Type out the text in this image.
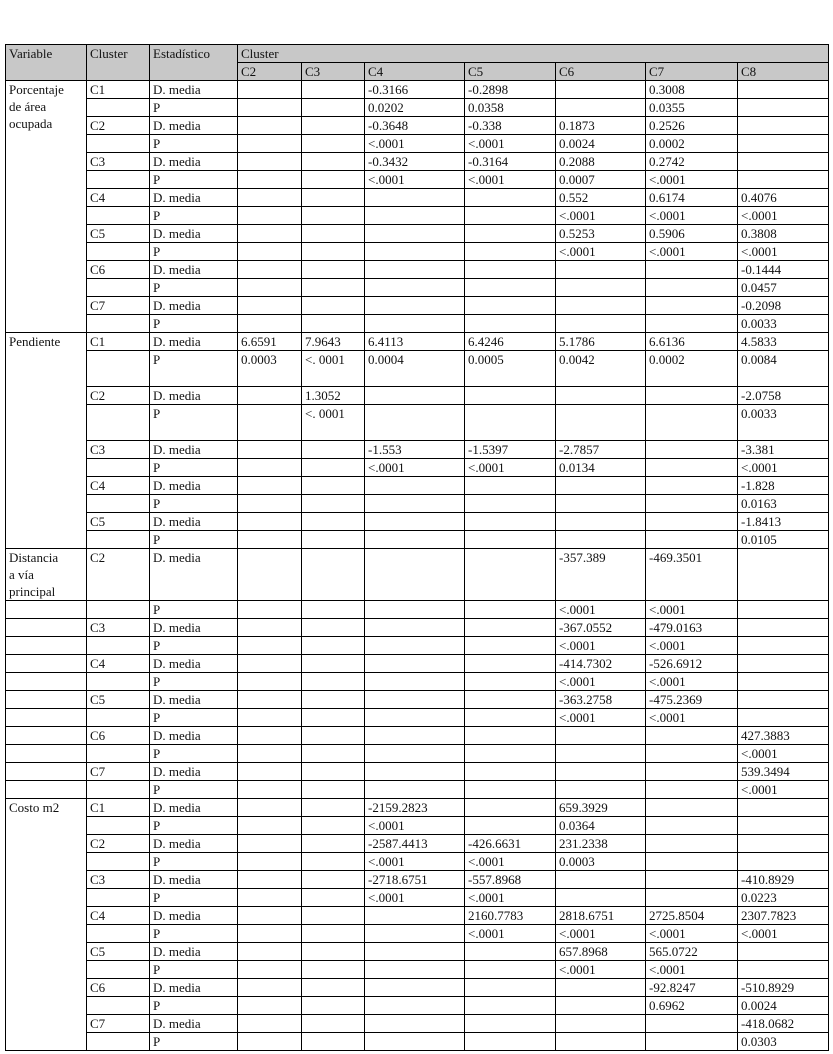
Variable	Cluster	Estadístico	Cluster						
			C2	C3	C4	C5	C6	C7	C8
Porcentaje
de área
ocupada	C1	D. media			-0.3166	-0.2898		0.3008	
		P			0.0202	0.0358		0.0355	
	C2	D. media			-0.3648	-0.338	0.1873	0.2526	
		P			<.0001	<.0001	0.0024	0.0002	
	C3	D. media			-0.3432	-0.3164	0.2088	0.2742	
		P			<.0001	<.0001	0.0007	<.0001	
	C4	D. media					0.552	0.6174	0.4076
		P					<.0001	<.0001	<.0001
	C5	D. media					0.5253	0.5906	0.3808
		P					<.0001	<.0001	<.0001
	C6	D. media							-0.1444
		P							0.0457
	C7	D. media							-0.2098
		P							0.0033
Pendiente	C1	D. media	6.6591	7.9643	6.4113	6.4246	5.1786	6.6136	4.5833
		P	0.0003	<. 0001	0.0004	0.0005	0.0042	0.0002	0.0084
	C2	D. media		1.3052					-2.0758
		P		<. 0001					0.0033
	C3	D. media			-1.553	-1.5397	-2.7857		-3.381
		P			<.0001	<.0001	0.0134		<.0001
	C4	D. media							-1.828
		P							0.0163
	C5	D. media							-1.8413
		P							0.0105
Distancia
a vía
principal	C2	D. media					-357.389	-469.3501	
		P					<.0001	<.0001	
	C3	D. media					-367.0552	-479.0163	
		P					<.0001	<.0001	
	C4	D. media					-414.7302	-526.6912	
		P					<.0001	<.0001	
	C5	D. media					-363.2758	-475.2369	
		P					<.0001	<.0001	
	C6	D. media							427.3883
		P							<.0001
	C7	D. media							539.3494
		P							<.0001
Costo m2	C1	D. media			-2159.2823		659.3929		
		P			<.0001		0.0364		
	C2	D. media			-2587.4413	-426.6631	231.2338		
		P			<.0001	<.0001	0.0003		
	C3	D. media			-2718.6751	-557.8968			-410.8929
		P			<.0001	<.0001			0.0223
	C4	D. media				2160.7783	2818.6751	2725.8504	2307.7823
		P				<.0001	<.0001	<.0001	<.0001
	C5	D. media					657.8968	565.0722	
		P					<.0001	<.0001	
	C6	D. media						-92.8247	-510.8929
		P						0.6962	0.0024
	C7	D. media							-418.0682
		P							0.0303
